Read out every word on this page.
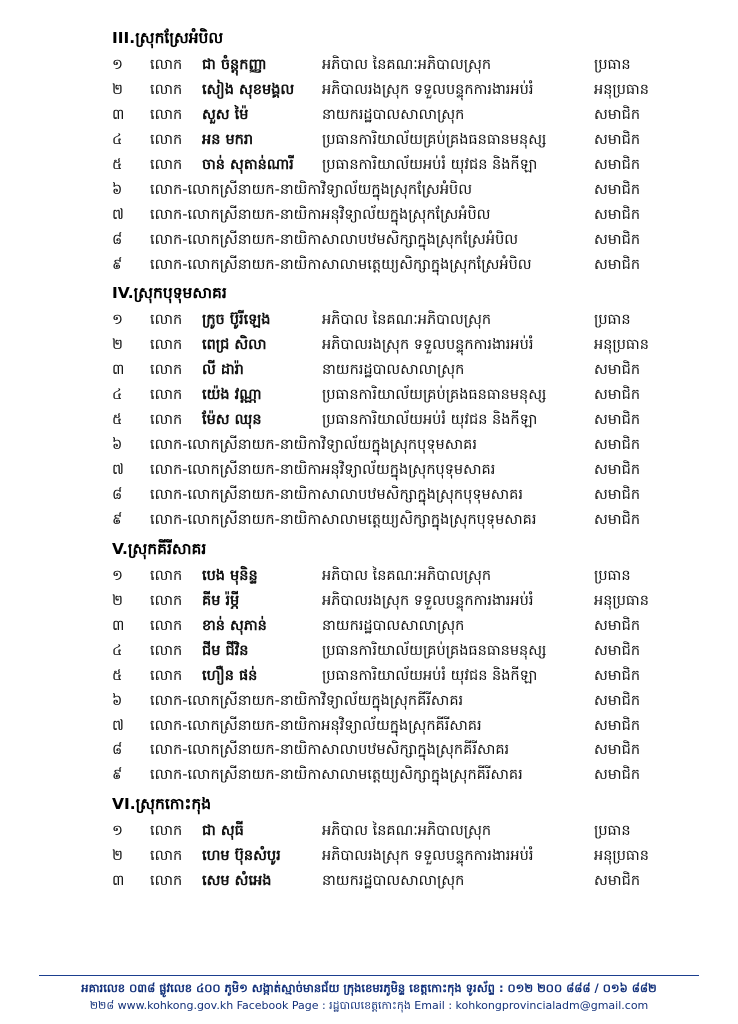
III.ស្រុកស្រែអំបិល
១	លោក	ជា ចំន្តុកញ្ញា	អភិបាល នៃគណៈអភិបាលស្រុក	ប្រធាន
២	លោក	សៀង សុខមង្គល	អភិបាលរងស្រុក ទទួលបន្ទុកការងារអប់រំ	អនុប្រធាន
៣	លោក	សួស ម៉ៃ	នាយករដ្ឋបាលសាលាស្រុក	សមាជិក
៤	លោក	អន មករា	ប្រធានការិយាល័យគ្រប់គ្រងធនធានមនុស្ស	សមាជិក
៥	លោក	ចាន់ សុតាន់ណារី	ប្រធានការិយាល័យអប់រំ យុវជន និងកីឡា	សមាជិក
៦	លោក-លោកស្រីនាយក-នាយិកាវិទ្យាល័យក្នុងស្រុកស្រែអំបិល	សមាជិក
៧	លោក-លោកស្រីនាយក-នាយិកាអនុវិទ្យាល័យក្នុងស្រុកស្រែអំបិល	សមាជិក
៨	លោក-លោកស្រីនាយក-នាយិកាសាលាបឋមសិក្សាក្នុងស្រុកស្រែអំបិល	សមាជិក
៩	លោក-លោកស្រីនាយក-នាយិកាសាលាមត្តេយ្យសិក្សាក្នុងស្រុកស្រែអំបិល	សមាជិក
IV.ស្រុកបុទុមសាគរ
១	លោក	ក្រូច ប៊ូរីឡេង	អភិបាល នៃគណៈអភិបាលស្រុក	ប្រធាន
២	លោក	ពេជ្រ សិលា	អភិបាលរងស្រុក ទទួលបន្ទុកការងារអប់រំ	អនុប្រធាន
៣	លោក	លី ដារ៉ា	នាយករដ្ឋបាលសាលាស្រុក	សមាជិក
៤	លោក	យ៉េង វណ្ណា	ប្រធានការិយាល័យគ្រប់គ្រងធនធានមនុស្ស	សមាជិក
៥	លោក	ម៉ែស ឈុន	ប្រធានការិយាល័យអប់រំ យុវជន និងកីឡា	សមាជិក
៦	លោក-លោកស្រីនាយក-នាយិកាវិទ្យាល័យក្នុងស្រុកបុទុមសាគរ	សមាជិក
៧	លោក-លោកស្រីនាយក-នាយិកាអនុវិទ្យាល័យក្នុងស្រុកបុទុមសាគរ	សមាជិក
៨	លោក-លោកស្រីនាយក-នាយិកាសាលាបឋមសិក្សាក្នុងស្រុកបុទុមសាគរ	សមាជិក
៩	លោក-លោកស្រីនាយក-នាយិកាសាលាមត្តេយ្យសិក្សាក្នុងស្រុកបុទុមសាគរ	សមាជិក
V.ស្រុកគីរីសាគរ
១	លោក	បេង មុនិន្ទ	អភិបាល នៃគណៈអភិបាលស្រុក	ប្រធាន
២	លោក	គីម រ៉ម្ភី	អភិបាលរងស្រុក ទទួលបន្ទុកការងារអប់រំ	អនុប្រធាន
៣	លោក	ខាន់ សុភាន់	នាយករដ្ឋបាលសាលាស្រុក	សមាជិក
៤	លោក	ជីម ជីវិន	ប្រធានការិយាល័យគ្រប់គ្រងធនធានមនុស្ស	សមាជិក
៥	លោក	ហឿន ផន់	ប្រធានការិយាល័យអប់រំ យុវជន និងកីឡា	សមាជិក
៦	លោក-លោកស្រីនាយក-នាយិកាវិទ្យាល័យក្នុងស្រុកគីរីសាគរ	សមាជិក
៧	លោក-លោកស្រីនាយក-នាយិកាអនុវិទ្យាល័យក្នុងស្រុកគីរីសាគរ	សមាជិក
៨	លោក-លោកស្រីនាយក-នាយិកាសាលាបឋមសិក្សាក្នុងស្រុកគីរីសាគរ	សមាជិក
៩	លោក-លោកស្រីនាយក-នាយិកាសាលាមត្តេយ្យសិក្សាក្នុងស្រុកគីរីសាគរ	សមាជិក
VI.ស្រុកកោះកុង
១	លោក	ជា សុធី	អភិបាល នៃគណៈអភិបាលស្រុក	ប្រធាន
២	លោក	ហេម ប៊ុនសំបូរ	អភិបាលរងស្រុក ទទួលបន្ទុកការងារអប់រំ	អនុប្រធាន
៣	លោក	សេម សំអេង	នាយករដ្ឋបាលសាលាស្រុក	សមាជិក
អគារលេខ ០៣៨ ផ្លូវលេខ ៤០០ ភូមិ១ សង្កាត់ស្មាច់មានជ័យ ក្រុងខេមរភូមិន្ទ ខេត្តកោះកុង ទូរស័ព្ទ : ០១២ ២០០ ៨៨៨ / ០១៦ ៨៨២
២២៨ www.kohkong.gov.kh Facebook Page : រដ្ឋបាលខេត្តកោះកុង Email : kohkongprovincialadm@gmail.com
